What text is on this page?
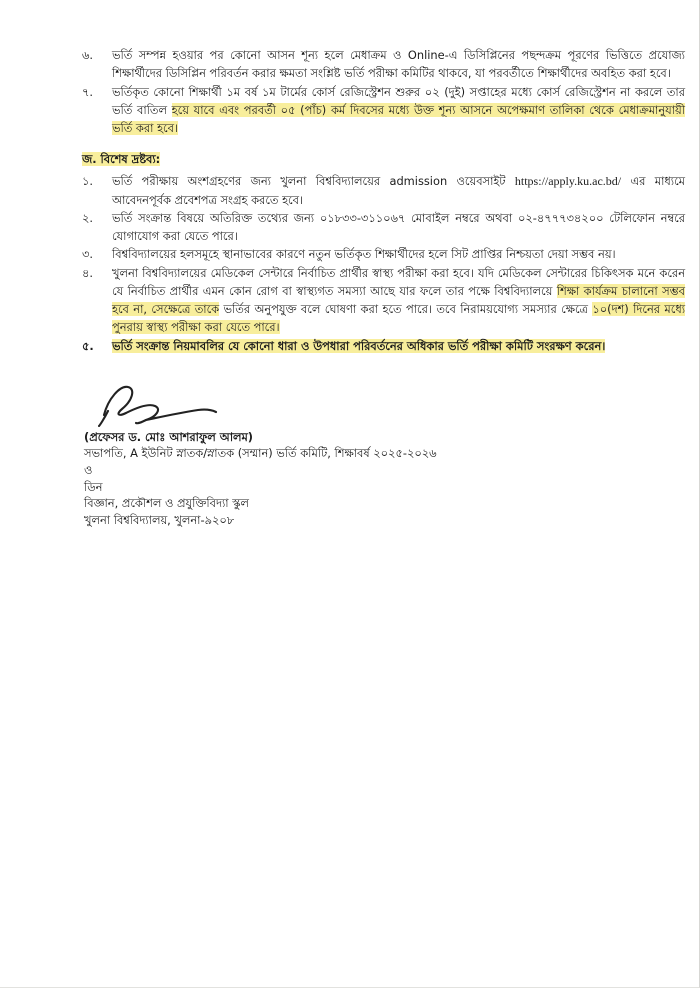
৬.	ভর্তি সম্পন্ন হওয়ার পর কোনো আসন শূন্য হলে মেধাক্রম ও Online-এ ডিসিপ্লিনের পছন্দক্রম পূরণের ভিত্তিতে প্রযোজ্য শিক্ষার্থীদের ডিসিপ্লিন পরিবর্তন করার ক্ষমতা সংশ্লিষ্ট ভর্তি পরীক্ষা কমিটির থাকবে, যা পরবর্তীতে শিক্ষার্থীদের অবহিত করা হবে।
৭.	ভর্তিকৃত কোনো শিক্ষার্থী ১ম বর্ষ ১ম টার্মের কোর্স রেজিস্ট্রেশন শুরুর ০২ (দুই) সপ্তাহের মধ্যে কোর্স রেজিস্ট্রেশন না করলে তার ভর্তি বাতিল হয়ে যাবে এবং পরবর্তী ০৫ (পাঁচ) কর্ম দিবসের মধ্যে উক্ত শূন্য আসনে অপেক্ষমাণ তালিকা থেকে মেধাক্রমানুযায়ী ভর্তি করা হবে।
জ. বিশেষ দ্রষ্টব্য:
১.	ভর্তি পরীক্ষায় অংশগ্রহণের জন্য খুলনা বিশ্ববিদ্যালয়ের admission ওয়েবসাইট https://apply.ku.ac.bd/ এর মাধ্যমে আবেদনপূর্বক প্রবেশপত্র সংগ্রহ করতে হবে।
২.	ভর্তি সংক্রান্ত বিষয়ে অতিরিক্ত তথ্যের জন্য ০১৮৩৩-৩১১০৬৭ মোবাইল নম্বরে অথবা ০২-৪৭৭৭৩৪২০০ টেলিফোন নম্বরে যোগাযোগ করা যেতে পারে।
৩.	বিশ্ববিদ্যালয়ের হলসমূহে স্থানাভাবের কারণে নতুন ভর্তিকৃত শিক্ষার্থীদের হলে সিট প্রাপ্তির নিশ্চয়তা দেয়া সম্ভব নয়।
৪.	খুলনা বিশ্ববিদ্যালয়ের মেডিকেল সেন্টারে নির্বাচিত প্রার্থীর স্বাস্থ্য পরীক্ষা করা হবে। যদি মেডিকেল সেন্টারের চিকিৎসক মনে করেন যে নির্বাচিত প্রার্থীর এমন কোন রোগ বা স্বাস্থ্যগত সমস্যা আছে যার ফলে তার পক্ষে বিশ্ববিদ্যালয়ে শিক্ষা কার্যক্রম চালানো সম্ভব হবে না, সেক্ষেত্রে তাকে ভর্তির অনুপযুক্ত বলে ঘোষণা করা হতে পারে। তবে নিরাময়যোগ্য সমস্যার ক্ষেত্রে ১০(দশ) দিনের মধ্যে পুনরায় স্বাস্থ্য পরীক্ষা করা যেতে পারে।
৫.	ভর্তি সংক্রান্ত নিয়মাবলির যে কোনো ধারা ও উপধারা পরিবর্তনের অধিকার ভর্তি পরীক্ষা কমিটি সংরক্ষণ করেন।
(প্রফেসর ড. মোঃ আশরাফুল আলম)
সভাপতি, A ইউনিট স্নাতক/স্নাতক (সম্মান) ভর্তি কমিটি, শিক্ষাবর্ষ ২০২৫-২০২৬
ও
ডিন
বিজ্ঞান, প্রকৌশল ও প্রযুক্তিবিদ্যা স্কুল
খুলনা বিশ্ববিদ্যালয়, খুলনা-৯২০৮
